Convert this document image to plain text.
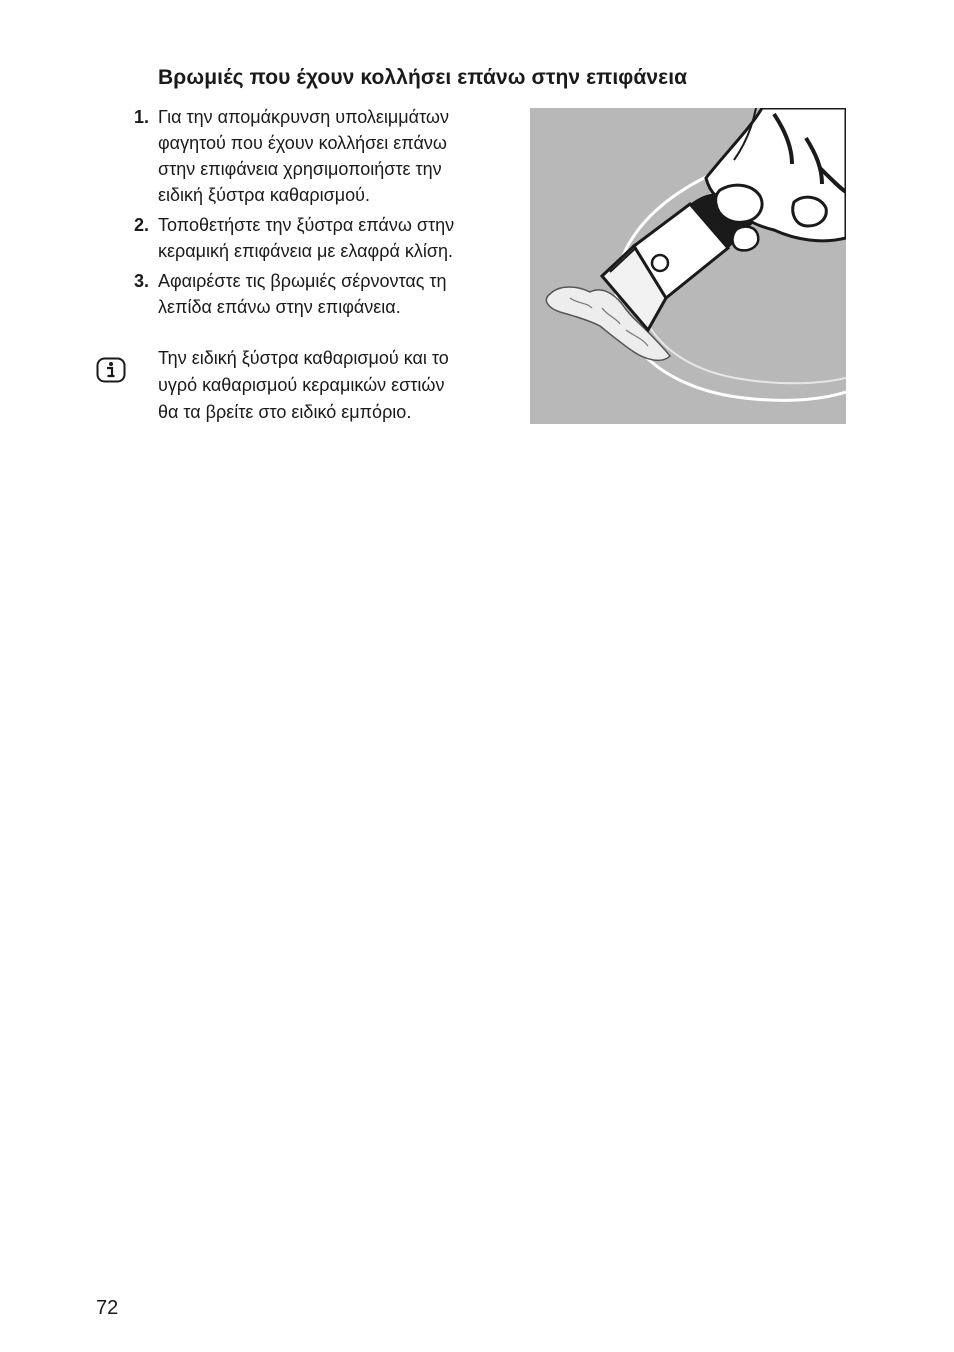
Βρωμιές που έχουν κολλήσει επάνω στην επιφάνεια
1. Για την απομάκρυνση υπολειμμάτων
φαγητού που έχουν κολλήσει επάνω
στην επιφάνεια χρησιμοποιήστε την
ειδική ξύστρα καθαρισμού.
2. Τοποθετήστε την ξύστρα επάνω στην
κεραμική επιφάνεια με ελαφρά κλίση.
3. Αφαιρέστε τις βρωμιές σέρνοντας τη
λεπίδα επάνω στην επιφάνεια.
Την ειδική ξύστρα καθαρισμού και το
υγρό καθαρισμού κεραμικών εστιών
θα τα βρείτε στο ειδικό εμπόριο.
72
